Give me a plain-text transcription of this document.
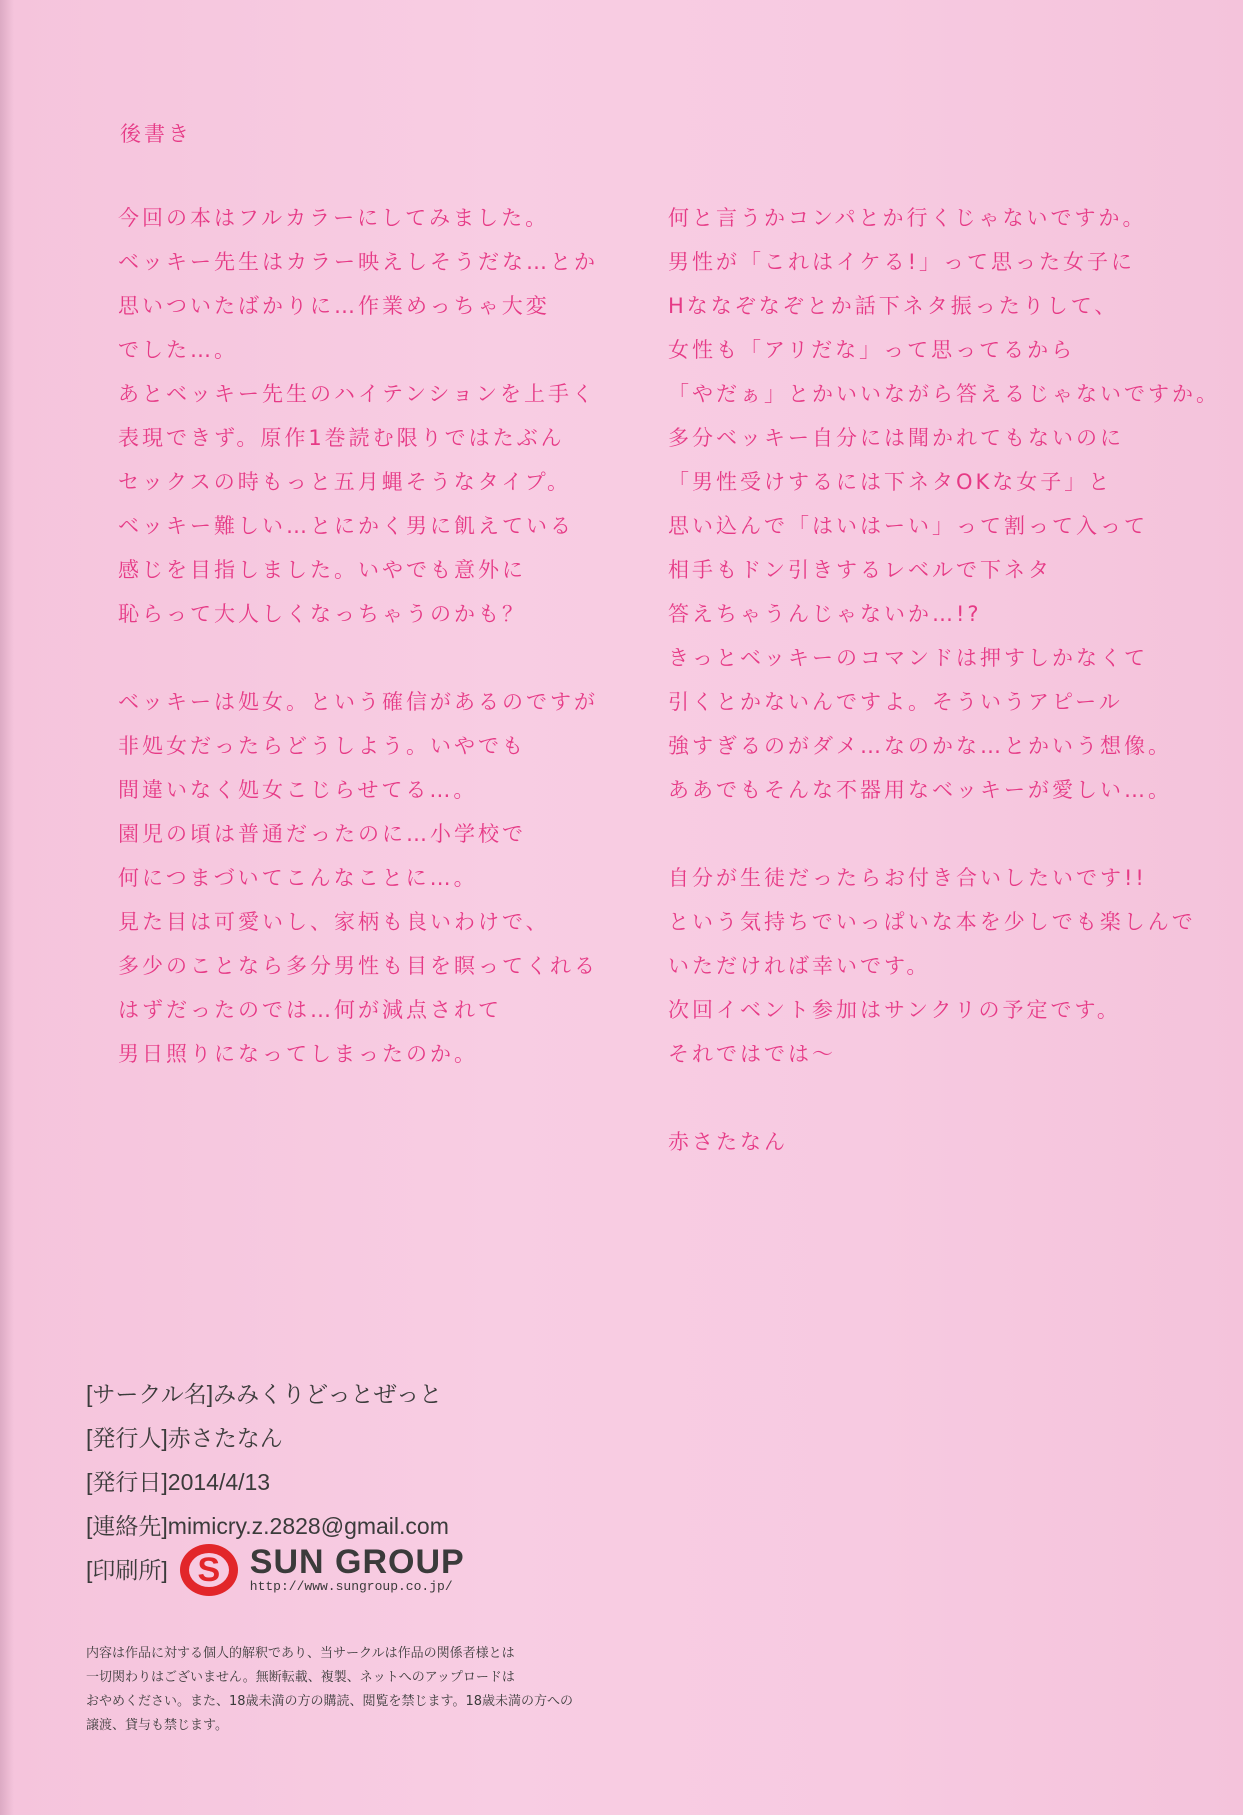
後書き
今回の本はフルカラーにしてみました。
ベッキー先生はカラー映えしそうだな…とか
思いついたばかりに…作業めっちゃ大変
でした…。
あとベッキー先生のハイテンションを上手く
表現できず。原作1巻読む限りではたぶん
セックスの時もっと五月蝿そうなタイプ。
ベッキー難しい…とにかく男に飢えている
感じを目指しました。いやでも意外に
恥らって大人しくなっちゃうのかも？
ベッキーは処女。という確信があるのですが
非処女だったらどうしよう。いやでも
間違いなく処女こじらせてる…。
園児の頃は普通だったのに…小学校で
何につまづいてこんなことに…。
見た目は可愛いし、家柄も良いわけで、
多少のことなら多分男性も目を瞑ってくれる
はずだったのでは…何が減点されて
男日照りになってしまったのか。
何と言うかコンパとか行くじゃないですか。
男性が「これはイケる!」って思った女子に
Hななぞなぞとか話下ネタ振ったりして、
女性も「アリだな」って思ってるから
「やだぁ」とかいいながら答えるじゃないですか。
多分ベッキー自分には聞かれてもないのに
「男性受けするには下ネタOKな女子」と
思い込んで「はいはーい」って割って入って
相手もドン引きするレベルで下ネタ
答えちゃうんじゃないか…!?
きっとベッキーのコマンドは押すしかなくて
引くとかないんですよ。そういうアピール
強すぎるのがダメ…なのかな…とかいう想像。
ああでもそんな不器用なベッキーが愛しい…。
自分が生徒だったらお付き合いしたいです!!
という気持ちでいっぱいな本を少しでも楽しんで
いただければ幸いです。
次回イベント参加はサンクリの予定です。
それではでは〜
赤さたなん
[サークル名]みみくりどっとぜっと
[発行人]赤さたなん
[発行日]2014/4/13
[連絡先]mimicry.z.2828@gmail.com
[印刷所] S SUN GROUP
http://www.sungroup.co.jp/
内容は作品に対する個人的解釈であり、当サークルは作品の関係者様とは
一切関わりはございません。無断転載、複製、ネットへのアップロードは
おやめください。また、18歳未満の方の購読、閲覧を禁じます。18歳未満の方への
譲渡、貸与も禁じます。
